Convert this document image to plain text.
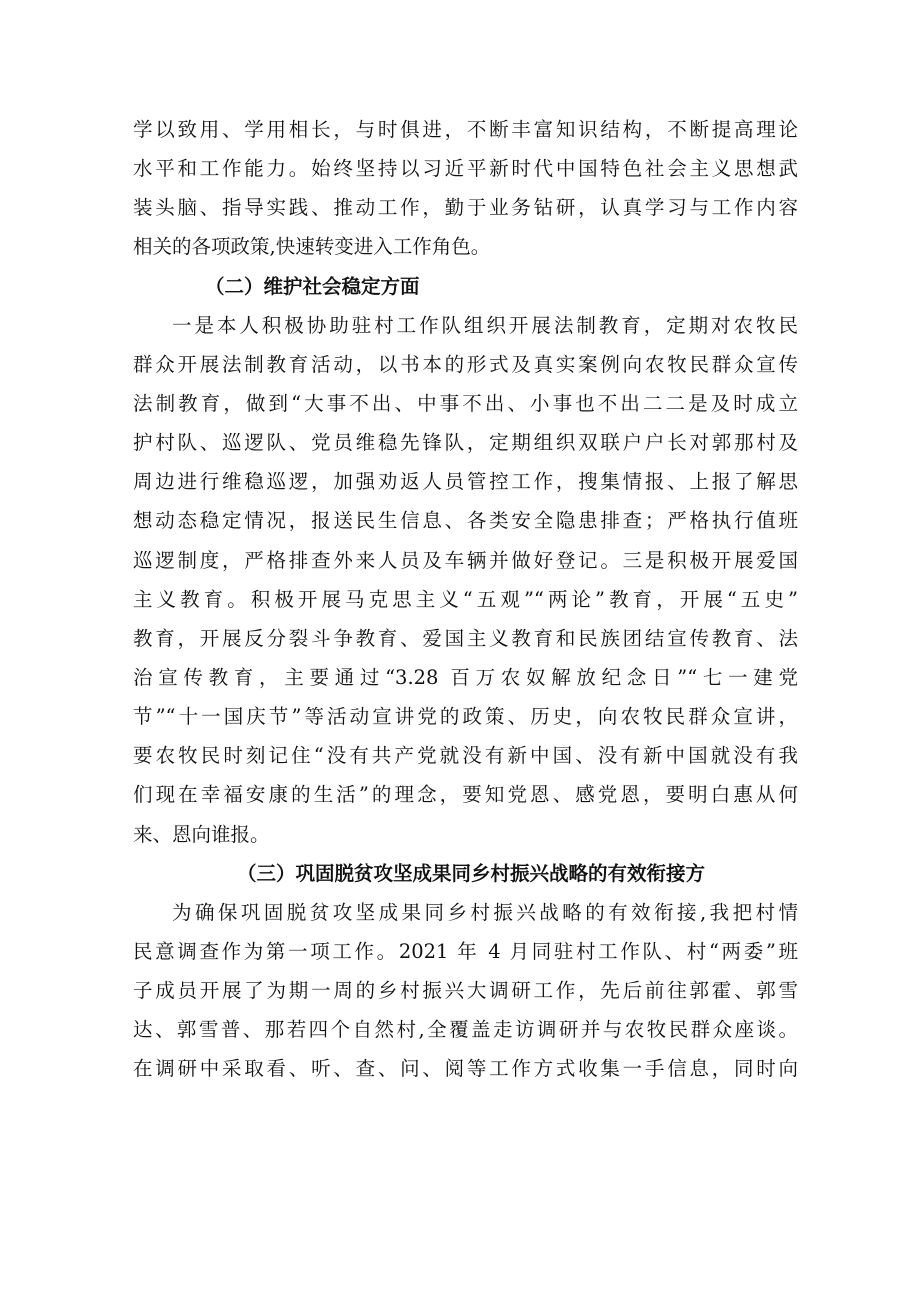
学以致用、学用相长，与时俱进，不断丰富知识结构，不断提高理论
水平和工作能力。始终坚持以习近平新时代中国特色社会主义思想武
装头脑、指导实践、推动工作，勤于业务钻研，认真学习与工作内容
相关的各项政策,快速转变进入工作角色。
（二）维护社会稳定方面
一是本人积极协助驻村工作队组织开展法制教育，定期对农牧民
群众开展法制教育活动，以书本的形式及真实案例向农牧民群众宣传
法制教育，做到“大事不出、中事不出、小事也不出二二是及时成立
护村队、巡逻队、党员维稳先锋队，定期组织双联户户长对郭那村及
周边进行维稳巡逻，加强劝返人员管控工作，搜集情报、上报了解思
想动态稳定情况，报送民生信息、各类安全隐患排查；严格执行值班
巡逻制度，严格排查外来人员及车辆并做好登记。三是积极开展爱国
主义教育。积极开展马克思主义“五观”“两论”教育，开展“五史”
教育，开展反分裂斗争教育、爱国主义教育和民族团结宣传教育、法
治宣传教育，主要通过“3.28 百万农奴解放纪念日”“七一建党
节”“十一国庆节”等活动宣讲党的政策、历史，向农牧民群众宣讲，
要农牧民时刻记住“没有共产党就没有新中国、没有新中国就没有我
们现在幸福安康的生活”的理念，要知党恩、感党恩，要明白惠从何
来、恩向谁报。
（三）巩固脱贫攻坚成果同乡村振兴战略的有效衔接方
为确保巩固脱贫攻坚成果同乡村振兴战略的有效衔接,我把村情
民意调查作为第一项工作。2021 年 4 月同驻村工作队、村“两委”班
子成员开展了为期一周的乡村振兴大调研工作，先后前往郭霍、郭雪
达、郭雪普、那若四个自然村,全覆盖走访调研并与农牧民群众座谈。
在调研中采取看、听、查、问、阅等工作方式收集一手信息，同时向
